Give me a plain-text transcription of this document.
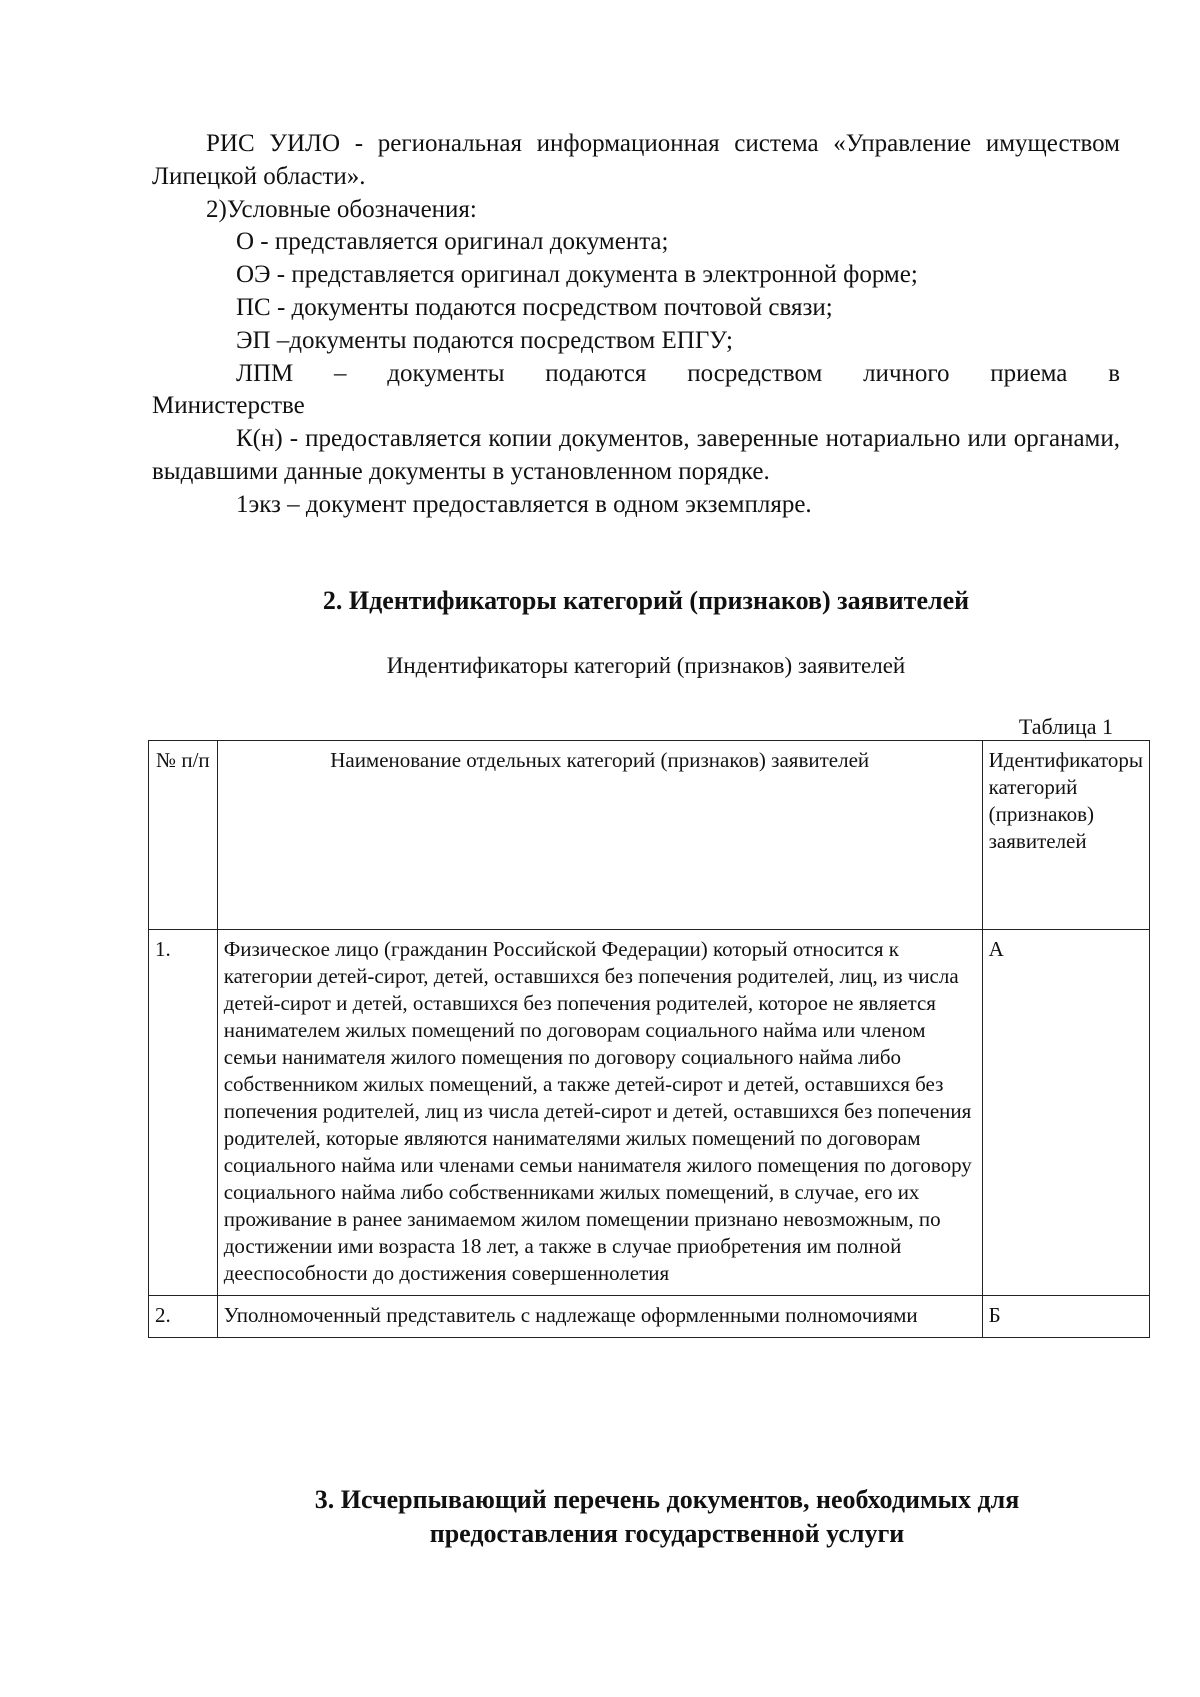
РИС УИЛО - региональная информационная система «Управление имуществом Липецкой области».

2)Условные обозначения:

О - представляется оригинал документа;

ОЭ - представляется оригинал документа в электронной форме;

ПС - документы подаются посредством почтовой связи;

ЭП –документы подаются посредством ЕПГУ;

ЛПМ – документы подаются посредством личного приема в

Министерстве

К(н) - предоставляется копии документов, заверенные нотариально или органами, выдавшими данные документы в установленном порядке.

1экз – документ предоставляется в одном экземпляре.

2. Идентификаторы категорий (признаков) заявителей
Индентификаторы категорий (признаков) заявителей
Таблица 1
№ п/п	Наименование отдельных категорий (признаков) заявителей	Идентификаторы категорий (признаков) заявителей
1.	Физическое лицо (гражданин Российской Федерации) который относится к категории детей-сирот, детей, оставшихся без попечения родителей, лиц, из числа детей-сирот и детей, оставшихся без попечения родителей, которое не является нанимателем жилых помещений по договорам социального найма или членом семьи нанимателя жилого помещения по договору социального найма либо собственником жилых помещений, а также детей-сирот и детей, оставшихся без попечения родителей, лиц из числа детей-сирот и детей, оставшихся без попечения родителей, которые являются нанимателями жилых помещений по договорам социального найма или членами семьи нанимателя жилого помещения по договору социального найма либо собственниками жилых помещений, в случае, его их проживание в ранее занимаемом жилом помещении признано невозможным, по достижении ими возраста 18 лет, а также в случае приобретения им полной дееспособности до достижения совершеннолетия	А
2.	Уполномоченный представитель с надлежаще оформленными полномочиями	Б
3. Исчерпывающий перечень документов, необходимых для
предоставления государственной услуги
